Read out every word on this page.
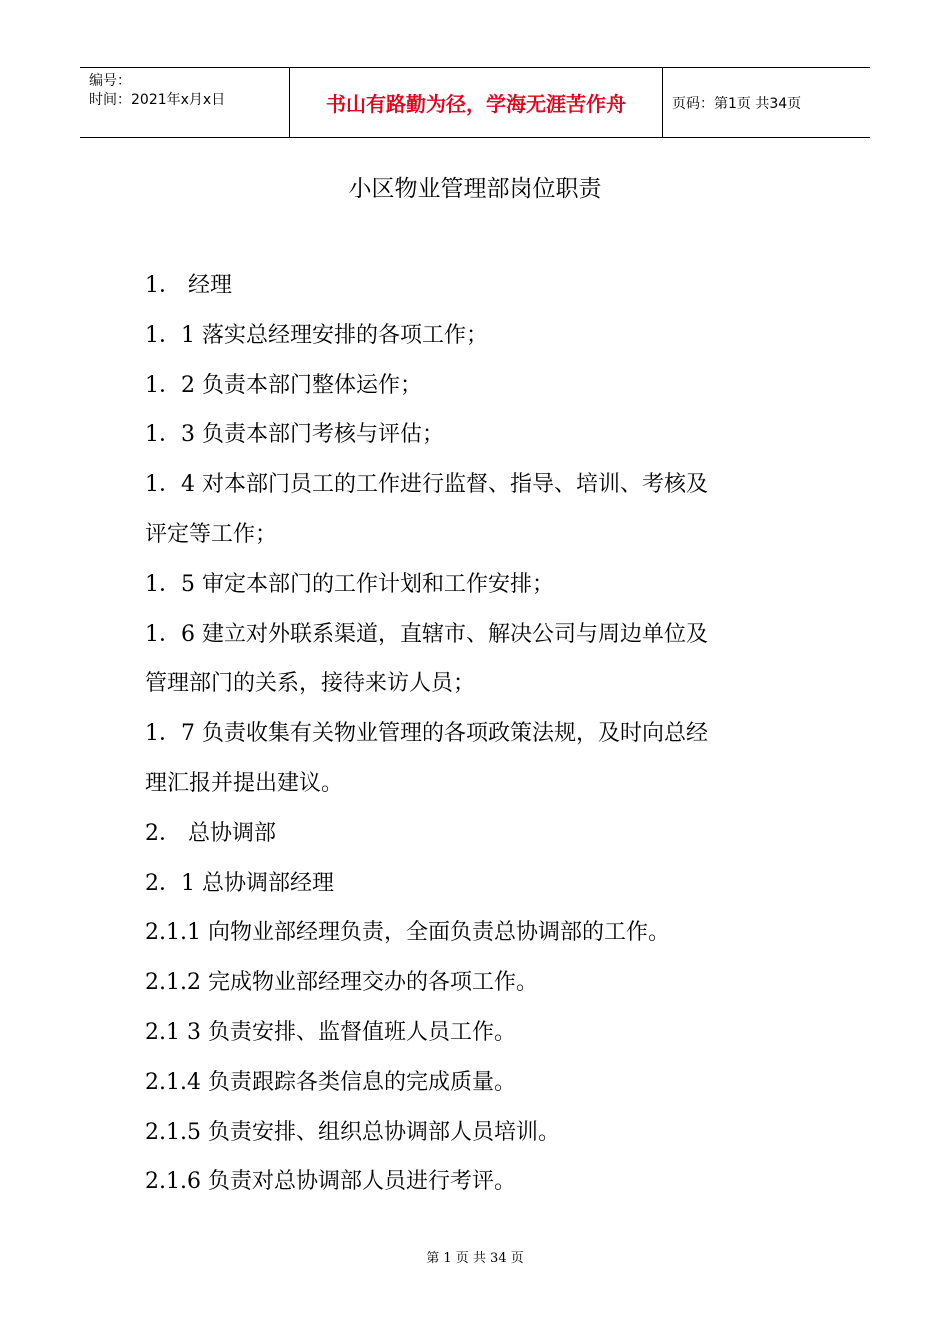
编号：
时间：2021年x月x日	书山有路勤为径，学海无涯苦作舟	页码：第1页 共34页
小区物业管理部岗位职责
1． 经理
1．1 落实总经理安排的各项工作；
1．2 负责本部门整体运作；
1．3 负责本部门考核与评估；
1．4 对本部门员工的工作进行监督、指导、培训、考核及
评定等工作；
1．5 审定本部门的工作计划和工作安排；
1．6 建立对外联系渠道，直辖市、解决公司与周边单位及
管理部门的关系，接待来访人员；
1．7 负责收集有关物业管理的各项政策法规，及时向总经
理汇报并提出建议。
2． 总协调部
2．1 总协调部经理
2.1.1 向物业部经理负责，全面负责总协调部的工作。
2.1.2 完成物业部经理交办的各项工作。
2.1 3 负责安排、监督值班人员工作。
2.1.4 负责跟踪各类信息的完成质量。
2.1.5 负责安排、组织总协调部人员培训。
2.1.6 负责对总协调部人员进行考评。
第 1 页 共 34 页
